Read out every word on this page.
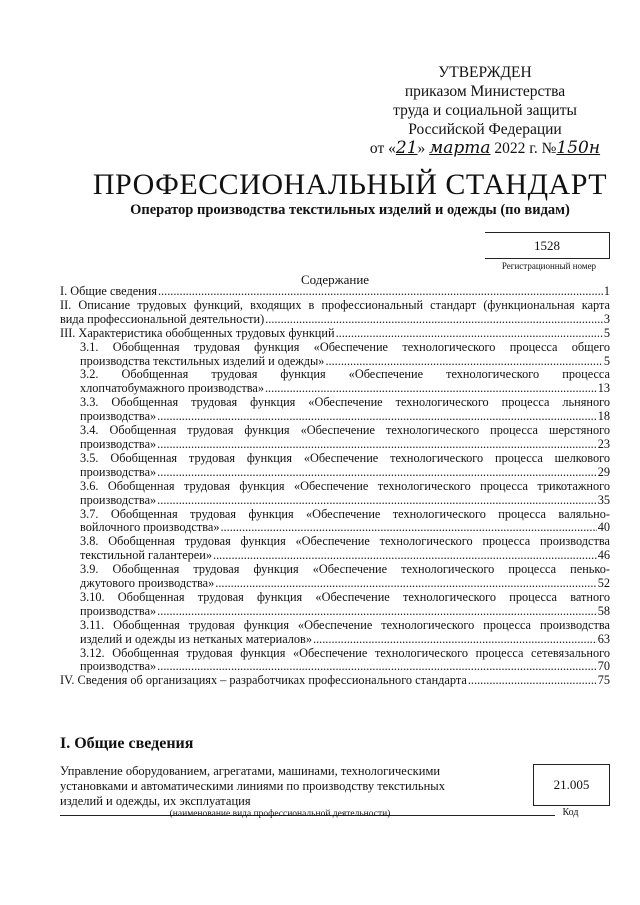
УТВЕРЖДЕН
приказом Министерства
труда и социальной защиты
Российской Федерации
от «21» марта 2022 г. №150н
ПРОФЕССИОНАЛЬНЫЙ СТАНДАРТ
Оператор производства текстильных изделий и одежды (по видам)
1528
Регистрационный номер
Содержание
I. Общие сведения .....	1
II. Описание трудовых функций, входящих в профессиональный стандарт (функциональная карта
вида профессиональной деятельности) .....	3
III. Характеристика обобщенных трудовых функций .....	5
3.1. Обобщенная трудовая функция «Обеспечение технологического процесса общего
производства текстильных изделий и одежды» .....	5
3.2. Обобщенная трудовая функция «Обеспечение технологического процесса
хлопчатобумажного производства» .....	13
3.3. Обобщенная трудовая функция «Обеспечение технологического процесса льняного
производства» .....	18
3.4. Обобщенная трудовая функция «Обеспечение технологического процесса шерстяного
производства» .....	23
3.5. Обобщенная трудовая функция «Обеспечение технологического процесса шелкового
производства» .....	29
3.6. Обобщенная трудовая функция «Обеспечение технологического процесса трикотажного
производства» .....	35
3.7. Обобщенная трудовая функция «Обеспечение технологического процесса валяльно-
войлочного производства» .....	40
3.8. Обобщенная трудовая функция «Обеспечение технологического процесса производства
текстильной галантереи» .....	46
3.9. Обобщенная трудовая функция «Обеспечение технологического процесса пенько-
джутового производства» .....	52
3.10. Обобщенная трудовая функция «Обеспечение технологического процесса ватного
производства» .....	58
3.11. Обобщенная трудовая функция «Обеспечение технологического процесса производства
изделий и одежды из нетканых материалов» .....	63
3.12. Обобщенная трудовая функция «Обеспечение технологического процесса сетевязального
производства» .....	70
IV. Сведения об организациях – разработчиках профессионального стандарта .....	75
I. Общие сведения
Управление оборудованием, агрегатами, машинами, технологическими установками и автоматическими линиями по производству текстильных изделий и одежды, их эксплуатация
(наименование вида профессиональной деятельности)
21.005
Код
